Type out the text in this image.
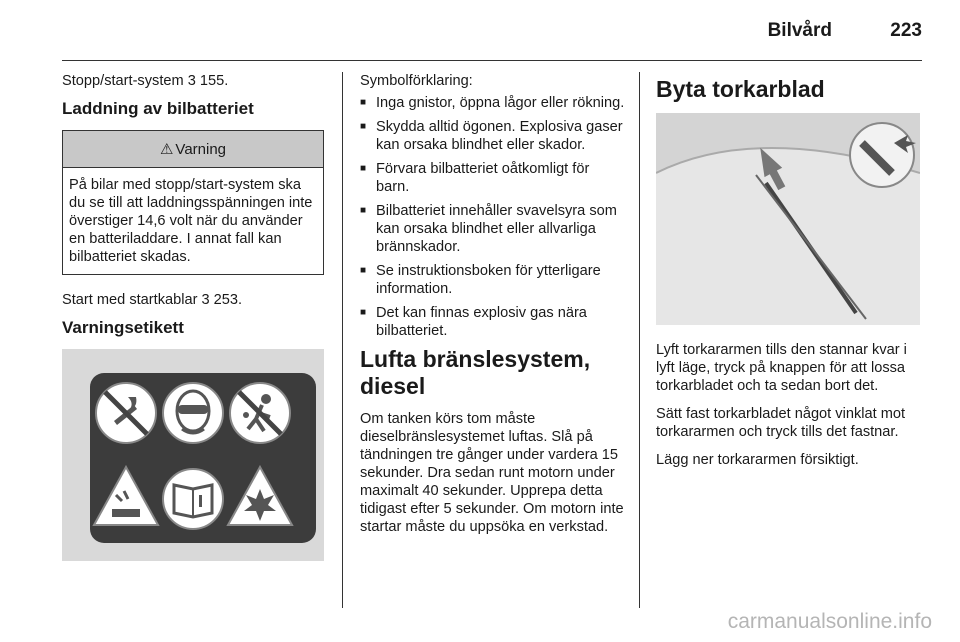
Bilvård	223

Stopp/start-system 3 155.

Laddning av bilbatteriet
⚠ Varning
På bilar med stopp/start-system ska du se till att laddningsspänningen inte överstiger 14,6 volt när du använder en batteriladdare. I annat fall kan bilbatteriet skadas.

Start med startkablar 3 253.

Varningsetikett

Symbolförklaring:

■ Inga gnistor, öppna lågor eller rökning.
■ Skydda alltid ögonen. Explosiva gaser kan orsaka blindhet eller skador.
■ Förvara bilbatteriet oåtkomligt för barn.
■ Bilbatteriet innehåller svavelsyra som kan orsaka blindhet eller allvarliga brännskador.
■ Se instruktionsboken för ytterligare information.
■ Det kan finnas explosiv gas nära bilbatteriet.
Lufta bränslesystem, diesel

Om tanken körs tom måste dieselbränslesystemet luftas. Slå på tändningen tre gånger under vardera 15 sekunder. Dra sedan runt motorn under maximalt 40 sekunder. Upprepa detta tidigast efter 5 sekunder. Om motorn inte startar måste du uppsöka en verkstad.

Byta torkarblad

Lyft torkararmen tills den stannar kvar i lyft läge, tryck på knappen för att lossa torkarbladet och ta sedan bort det.

Sätt fast torkarbladet något vinklat mot torkararmen och tryck tills det fastnar.

Lägg ner torkararmen försiktigt.

carmanualsonline.info
